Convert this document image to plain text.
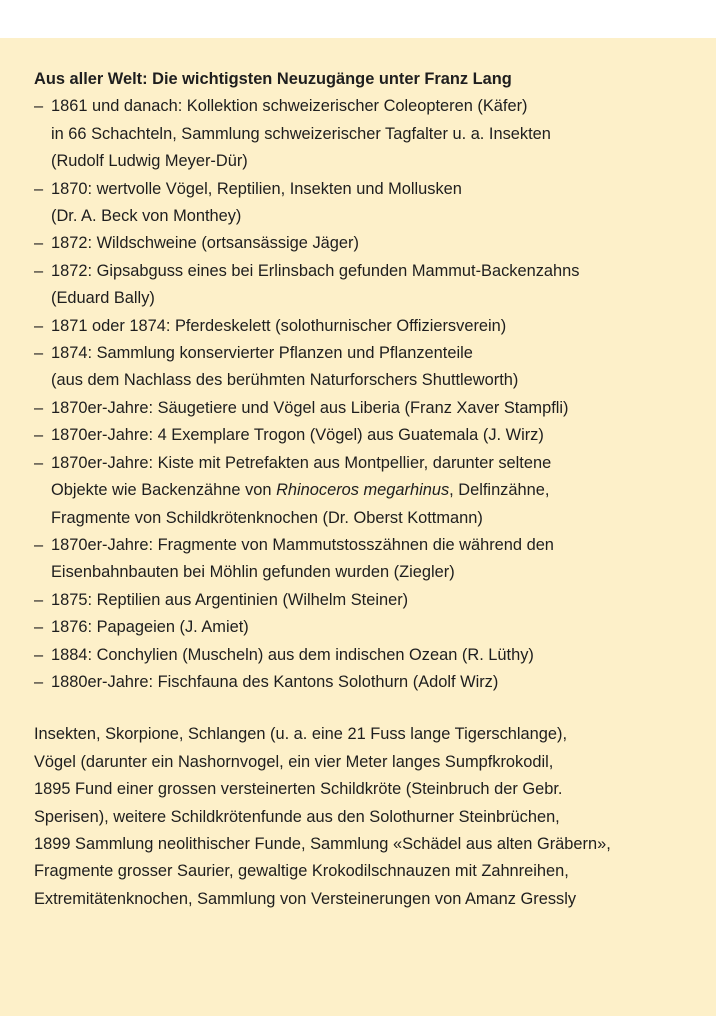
Aus aller Welt: Die wichtigsten Neuzugänge unter Franz Lang

– 1861 und danach: Kollektion schweizerischer Coleopteren (Käfer)
in 66 Schachteln, Sammlung schweizerischer Tagfalter u. a. Insekten
(Rudolf Ludwig Meyer-Dür)
– 1870: wertvolle Vögel, Reptilien, Insekten und Mollusken
(Dr. A. Beck von Monthey)
– 1872: Wildschweine (ortsansässige Jäger)
– 1872: Gipsabguss eines bei Erlinsbach gefunden Mammut-Backenzahns
(Eduard Bally)
– 1871 oder 1874: Pferdeskelett (solothurnischer Offiziersverein)
– 1874: Sammlung konservierter Pflanzen und Pflanzenteile
(aus dem Nachlass des berühmten Naturforschers Shuttleworth)
– 1870er-Jahre: Säugetiere und Vögel aus Liberia (Franz Xaver Stampfli)
– 1870er-Jahre: 4 Exemplare Trogon (Vögel) aus Guatemala (J. Wirz)
– 1870er-Jahre: Kiste mit Petrefakten aus Montpellier, darunter seltene
Objekte wie Backenzähne von Rhinoceros megarhinus, Delfinzähne,
Fragmente von Schildkrötenknochen (Dr. Oberst Kottmann)
– 1870er-Jahre: Fragmente von Mammutstosszähnen die während den
Eisenbahnbauten bei Möhlin gefunden wurden (Ziegler)
– 1875: Reptilien aus Argentinien (Wilhelm Steiner)
– 1876: Papageien (J. Amiet)
– 1884: Conchylien (Muscheln) aus dem indischen Ozean (R. Lüthy)
– 1880er-Jahre: Fischfauna des Kantons Solothurn (Adolf Wirz)
Insekten, Skorpione, Schlangen (u. a. eine 21 Fuss lange Tigerschlange),
Vögel (darunter ein Nashornvogel, ein vier Meter langes Sumpfkrokodil,
1895 Fund einer grossen versteinerten Schildkröte (Steinbruch der Gebr.
Sperisen), weitere Schildkrötenfunde aus den Solothurner Steinbrüchen,
1899 Sammlung neolithischer Funde, Sammlung «Schädel aus alten Gräbern»,
Fragmente grosser Saurier, gewaltige Krokodilschnauzen mit Zahnreihen,
Extremitätenknochen, Sammlung von Versteinerungen von Amanz Gressly
